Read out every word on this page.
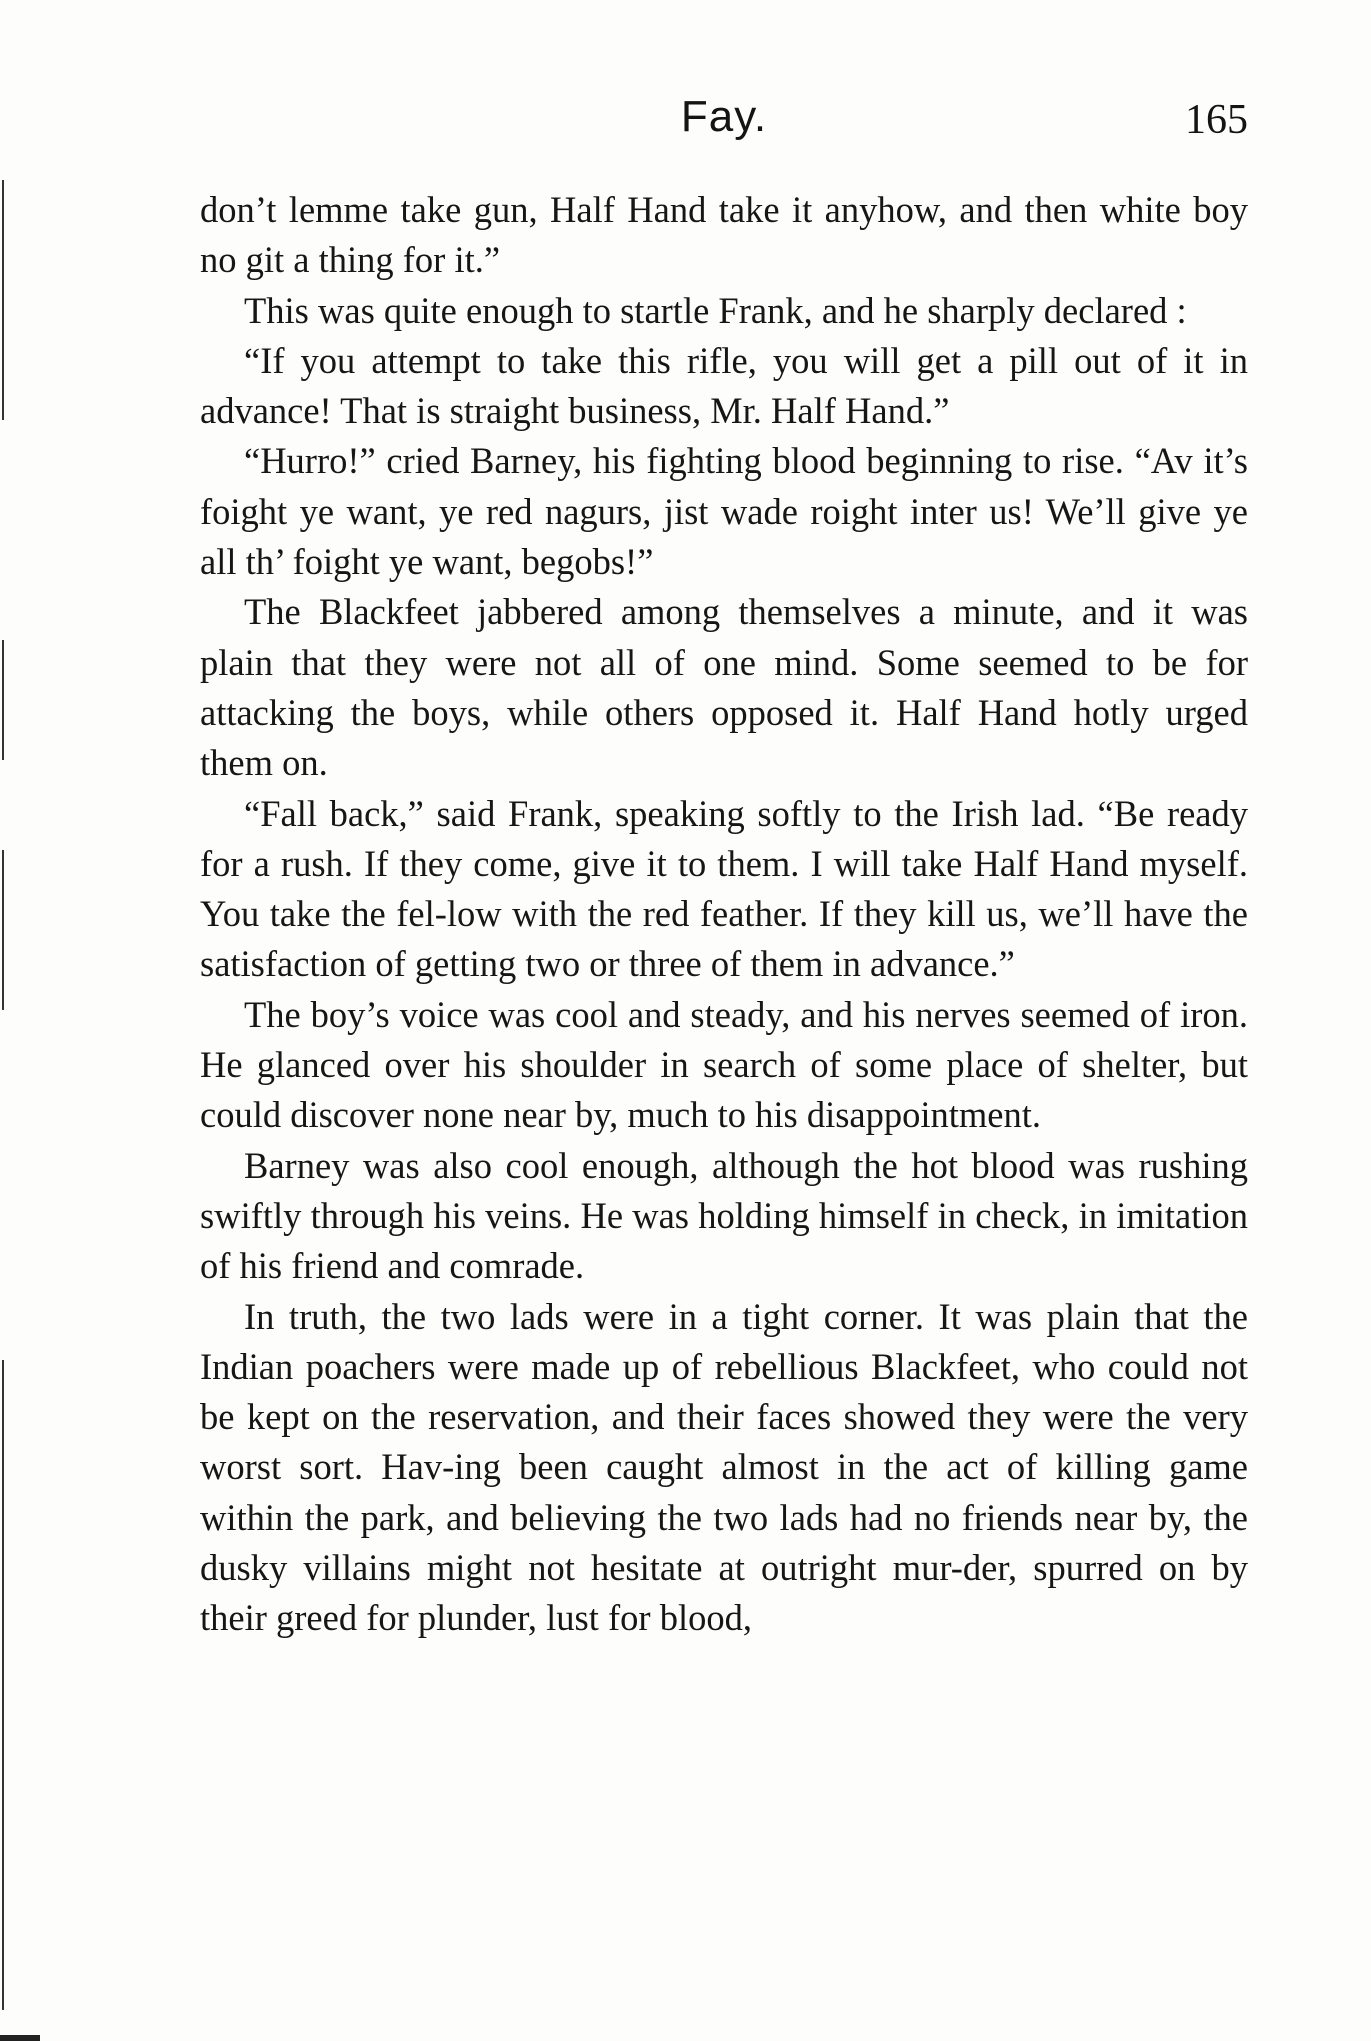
Fay.	165

don’t lemme take gun, Half Hand take it anyhow, and then white boy no git a thing for it.”

This was quite enough to startle Frank, and he sharply declared :

“If you attempt to take this rifle, you will get a pill out of it in advance! That is straight business, Mr. Half Hand.”

“Hurro!” cried Barney, his fighting blood beginning to rise. “Av it’s foight ye want, ye red nagurs, jist wade roight inter us! We’ll give ye all th’ foight ye want, begobs!”

The Blackfeet jabbered among themselves a minute, and it was plain that they were not all of one mind. Some seemed to be for attacking the boys, while others opposed it. Half Hand hotly urged them on.

“Fall back,” said Frank, speaking softly to the Irish lad. “Be ready for a rush. If they come, give it to them. I will take Half Hand myself. You take the fel-low with the red feather. If they kill us, we’ll have the satisfaction of getting two or three of them in advance.”

The boy’s voice was cool and steady, and his nerves seemed of iron. He glanced over his shoulder in search of some place of shelter, but could discover none near by, much to his disappointment.

Barney was also cool enough, although the hot blood was rushing swiftly through his veins. He was holding himself in check, in imitation of his friend and comrade.

In truth, the two lads were in a tight corner. It was plain that the Indian poachers were made up of rebellious Blackfeet, who could not be kept on the reservation, and their faces showed they were the very worst sort. Hav-ing been caught almost in the act of killing game within the park, and believing the two lads had no friends near by, the dusky villains might not hesitate at outright mur-der, spurred on by their greed for plunder, lust for blood,
